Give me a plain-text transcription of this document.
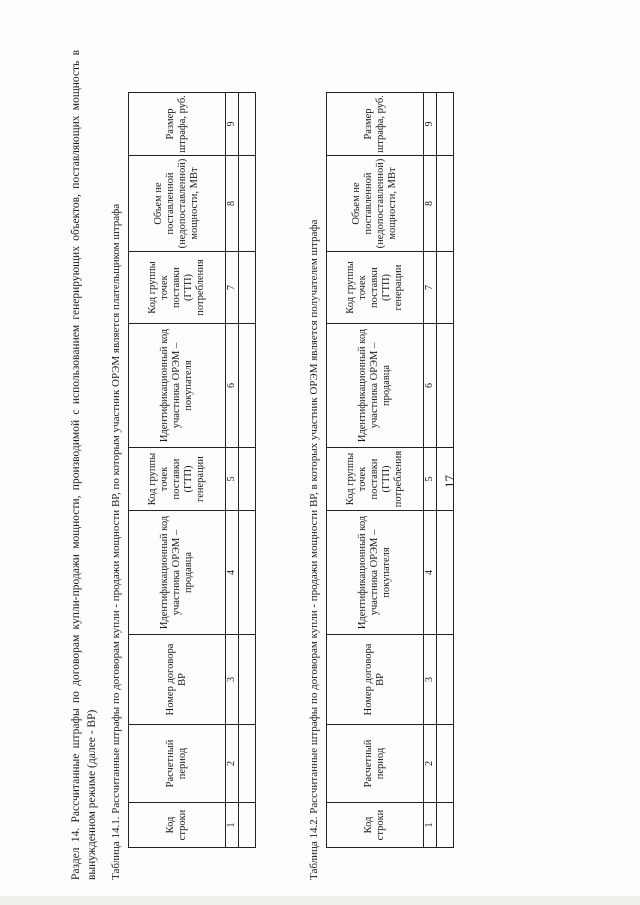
17
Раздел 14. Рассчитанные штрафы по договорам купли-продажи мощности, производимой с использованием генерирующих объектов, поставляющих мощность в вынужденном режиме (далее - ВР) Таблица 14.1. Рассчитанные штрафы по договорам купли - продажи мощности ВР, по которым участник ОРЭМ является плательщиком штрафа	Код строки	Расчетный период	Номер договора ВР	Идентификационный код участника ОРЭМ – продавца	Код группы точек поставки (ГТП) генерации	Идентификационный код участника ОРЭМ – покупателя	Код группы точек поставки (ГТП) потребления	Объем не поставленной (недопоставленной) мощности, МВт	Размер штрафа, руб.
1	2	3	4	5	6	7	8	9

Таблица 14.2. Рассчитанные штрафы по договорам купли - продажи мощности ВР, в которых участник ОРЭМ является получателем штрафа	Код строки	Расчетный период	Номер договора ВР	Идентификационный код участника ОРЭМ – покупателя	Код группы точек поставки (ГТП) потребления	Идентификационный код участника ОРЭМ – продавца	Код группы точек поставки (ГТП) генерации	Объем не поставленной (недопоставленной) мощности, МВт	Размер штрафа, руб.
1	2	3	4	5	6	7	8	9
